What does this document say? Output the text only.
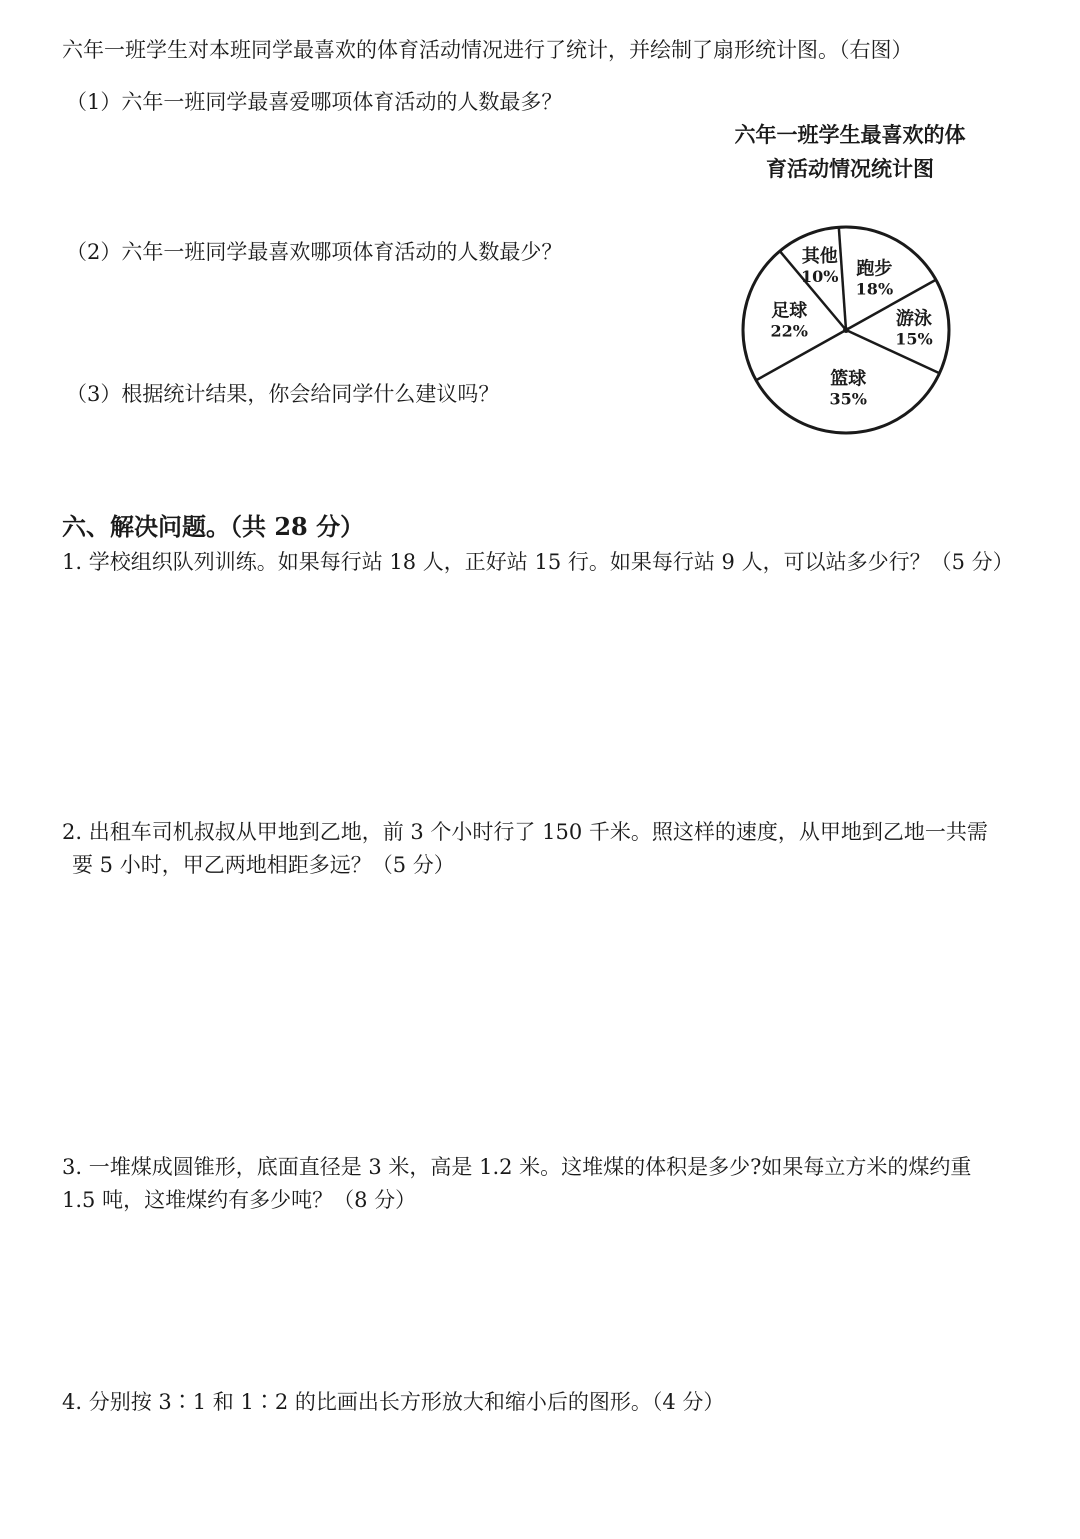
六年一班学生对本班同学最喜欢的体育活动情况进行了统计，并绘制了扇形统计图。（右图）
（1）六年一班同学最喜爱哪项体育活动的人数最多？
（2）六年一班同学最喜欢哪项体育活动的人数最少？
（3）根据统计结果，你会给同学什么建议吗？
六年一班学生最喜欢的体
育活动情况统计图
其他
10% 跑步
18%
游泳
15%
篮球
35%
足球
22%
六、解决问题。（共 28 分）
1. 学校组织队列训练。如果每行站 18 人，正好站 15 行。如果每行站 9 人，可以站多少行？（5 分）
2. 出租车司机叔叔从甲地到乙地，前 3 个小时行了 150 千米。照这样的速度，从甲地到乙地一共需
要 5 小时，甲乙两地相距多远？（5 分）
3. 一堆煤成圆锥形，底面直径是 3 米，高是 1.2 米。这堆煤的体积是多少?如果每立方米的煤约重
1.5 吨，这堆煤约有多少吨？（8 分）
4. 分别按 3∶1 和 1∶2 的比画出长方形放大和缩小后的图形。（4 分）
